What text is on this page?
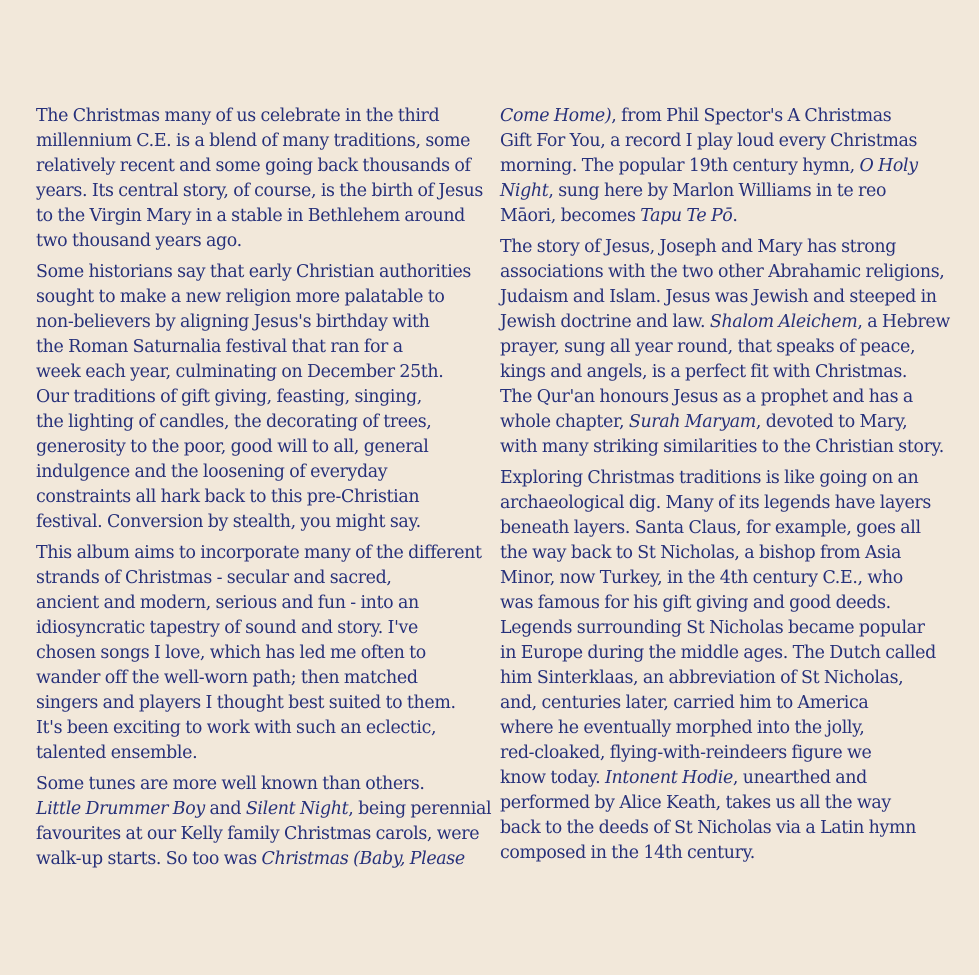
The Christmas many of us celebrate in the third
millennium C.E. is a blend of many traditions, some
relatively recent and some going back thousands of
years. Its central story, of course, is the birth of Jesus
to the Virgin Mary in a stable in Bethlehem around
two thousand years ago.

Some historians say that early Christian authorities
sought to make a new religion more palatable to
non-believers by aligning Jesus's birthday with
the Roman Saturnalia festival that ran for a
week each year, culminating on December 25th.
Our traditions of gift giving, feasting, singing,
the lighting of candles, the decorating of trees,
generosity to the poor, good will to all, general
indulgence and the loosening of everyday
constraints all hark back to this pre-Christian
festival. Conversion by stealth, you might say.

This album aims to incorporate many of the different
strands of Christmas - secular and sacred,
ancient and modern, serious and fun - into an
idiosyncratic tapestry of sound and story. I've
chosen songs I love, which has led me often to
wander off the well-worn path; then matched
singers and players I thought best suited to them.
It's been exciting to work with such an eclectic,
talented ensemble.

Some tunes are more well known than others.
Little Drummer Boy and Silent Night, being perennial
favourites at our Kelly family Christmas carols, were
walk-up starts. So too was Christmas (Baby, Please

Come Home), from Phil Spector's A Christmas
Gift For You, a record I play loud every Christmas
morning. The popular 19th century hymn, O Holy
Night, sung here by Marlon Williams in te reo
Māori, becomes Tapu Te Pō.

The story of Jesus, Joseph and Mary has strong
associations with the two other Abrahamic religions,
Judaism and Islam. Jesus was Jewish and steeped in
Jewish doctrine and law. Shalom Aleichem, a Hebrew
prayer, sung all year round, that speaks of peace,
kings and angels, is a perfect fit with Christmas.
The Qur'an honours Jesus as a prophet and has a
whole chapter, Surah Maryam, devoted to Mary,
with many striking similarities to the Christian story.

Exploring Christmas traditions is like going on an
archaeological dig. Many of its legends have layers
beneath layers. Santa Claus, for example, goes all
the way back to St Nicholas, a bishop from Asia
Minor, now Turkey, in the 4th century C.E., who
was famous for his gift giving and good deeds.
Legends surrounding St Nicholas became popular
in Europe during the middle ages. The Dutch called
him Sinterklaas, an abbreviation of St Nicholas,
and, centuries later, carried him to America
where he eventually morphed into the jolly,
red-cloaked, flying-with-reindeers figure we
know today. Intonent Hodie, unearthed and
performed by Alice Keath, takes us all the way
back to the deeds of St Nicholas via a Latin hymn
composed in the 14th century.
